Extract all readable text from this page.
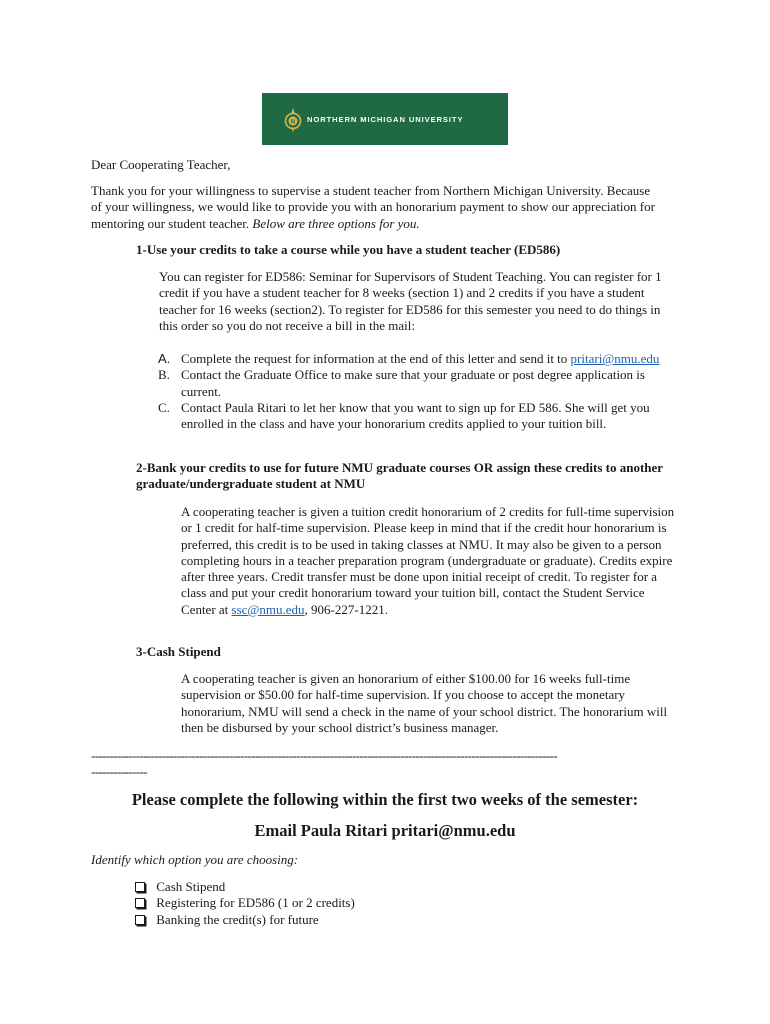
N NORTHERN MICHIGAN UNIVERSITY
Dear Cooperating Teacher,
Thank you for your willingness to supervise a student teacher from Northern Michigan University. Because of your willingness, we would like to provide you with an honorarium payment to show our appreciation for mentoring our student teacher. Below are three options for you.
1-Use your credits to take a course while you have a student teacher (ED586)
You can register for ED586: Seminar for Supervisors of Student Teaching. You can register for 1 credit if you have a student teacher for 8 weeks (section 1) and 2 credits if you have a student teacher for 16 weeks (section2). To register for ED586 for this semester you need to do things in this order so you do not receive a bill in the mail:
A. Complete the request for information at the end of this letter and send it to pritari@nmu.edu
B. Contact the Graduate Office to make sure that your graduate or post degree application is current.
C. Contact Paula Ritari to let her know that you want to sign up for ED 586. She will get you enrolled in the class and have your honorarium credits applied to your tuition bill.
2-Bank your credits to use for future NMU graduate courses OR assign these credits to another graduate/undergraduate student at NMU
A cooperating teacher is given a tuition credit honorarium of 2 credits for full-time supervision or 1 credit for half-time supervision. Please keep in mind that if the credit hour honorarium is preferred, this credit is to be used in taking classes at NMU. It may also be given to a person completing hours in a teacher preparation program (undergraduate or graduate). Credits expire after three years. Credit transfer must be done upon initial receipt of credit. To register for a class and put your credit honorarium toward your tuition bill, contact the Student Service Center at ssc@nmu.edu, 906-227-1221.
3-Cash Stipend
A cooperating teacher is given an honorarium of either $100.00 for 16 weeks full-time supervision or $50.00 for half-time supervision. If you choose to accept the monetary honorarium, NMU will send a check in the name of your school district. The honorarium will then be disbursed by your school district’s business manager.
-----------------------------------------------------------------------------------------------------------------------------
---------------
Please complete the following within the first two weeks of the semester:
Email Paula Ritari pritari@nmu.edu
Identify which option you are choosing:
Cash Stipend
Registering for ED586 (1 or 2 credits)
Banking the credit(s) for future
